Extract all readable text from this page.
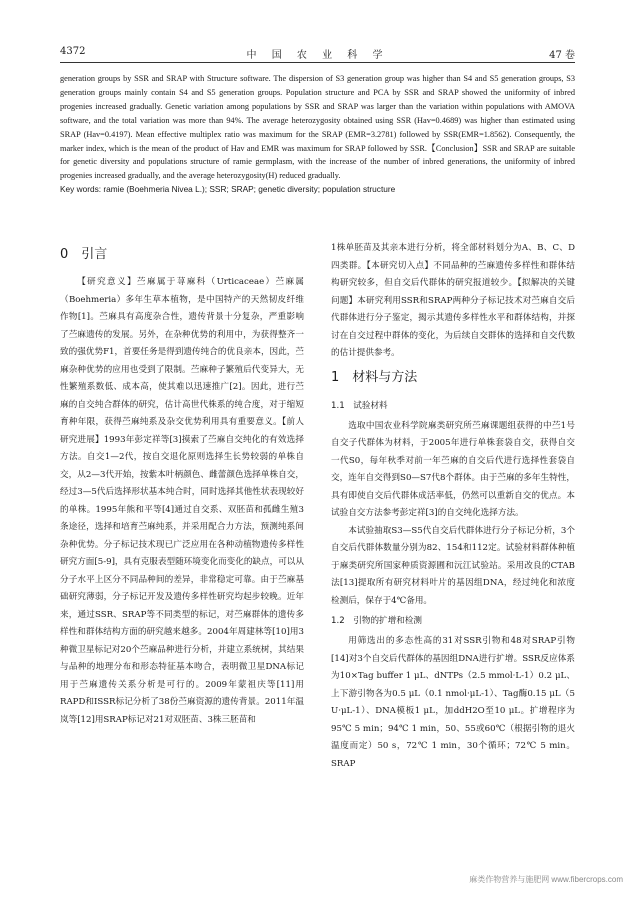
4372	中 国 农 业 科 学	47 卷

generation groups by SSR and SRAP with Structure software. The dispersion of S3 generation group was higher than S4 and S5 generation groups, S3 generation groups mainly contain S4 and S5 generation groups. Population structure and PCA by SSR and SRAP showed the uniformity of inbred progenies increased gradually. Genetic variation among populations by SSR and SRAP was larger than the variation within populations with AMOVA software, and the total variation was more than 94%. The average heterozygosity obtained using SSR (Hav=0.4689) was higher than estimated using SRAP (Hav=0.4197). Mean effective multiplex ratio was maximum for the SRAP (EMR=3.2781) followed by SSR(EMR=1.8562). Consequently, the marker index, which is the mean of the product of Hav and EMR was maximum for SRAP followed by SSR.【Conclusion】SSR and SRAP are suitable for genetic diversity and populations structure of ramie germplasm, with the increase of the number of inbred generations, the uniformity of inbred progenies increased gradually, and the average heterozygosity(H) reduced gradually.

Key words: ramie (Boehmeria Nivea L.); SSR; SRAP; genetic diversity; population structure

0　引言

【研究意义】苎麻属于荨麻科（Urticaceae）苎麻属（Boehmeria）多年生草本植物，是中国特产的天然韧皮纤维作物[1]。苎麻具有高度杂合性，遗传背景十分复杂，严重影响了苎麻遗传的发展。另外，在杂种优势的利用中，为获得整齐一致的强优势F1，首要任务是得到遗传纯合的优良亲本，因此，苎麻杂种优势的应用也受到了限制。苎麻种子繁殖后代变异大，无性繁殖系数低、成本高，使其难以迅速推广[2]。因此，进行苎麻的自交纯合群体的研究，估计高世代株系的纯合度，对于缩短育种年限，获得苎麻纯系及杂交优势利用具有重要意义。【前人研究进展】1993年彭定祥等[3]摸索了苎麻自交纯化的有效选择方法。自交1—2代，按自交退化原则选择生长势较弱的单株自交，从2—3代开始，按紫本叶柄颜色、雌蕾颜色选择单株自交，经过3—5代后选择形状基本纯合时，同时选择其他性状表现较好的单株。1995年熊和平等[4]通过自交系、双胚苗和孤雌生殖3条途径，选择和培育苎麻纯系，并采用配合力方法，预测纯系间杂种优势。分子标记技术现已广泛应用在各种动植物遗传多样性研究方面[5-9]，具有克服表型随环境变化而变化的缺点，可以从分子水平上区分不同品种间的差异，非常稳定可靠。由于苎麻基础研究薄弱，分子标记开发及遗传多样性研究均起步较晚。近年来，通过SSR、SRAP等不同类型的标记，对苎麻群体的遗传多样性和群体结构方面的研究越来越多。2004年周建林等[10]用3种微卫星标记对20个苎麻品种进行分析，并建立系统树，其结果与品种的地理分布和形态特征基本吻合，表明微卫星DNA标记用于苎麻遗传关系分析是可行的。2009年蒙祖庆等[11]用RAPD和ISSR标记分析了38份苎麻资源的遗传背景。2011年温岚等[12]用SRAP标记对21对双胚苗、3株三胚苗和

1株单胚苗及其亲本进行分析，将全部材料划分为A、B、C、D四类群。【本研究切入点】不同品种的苎麻遗传多样性和群体结构研究较多，但自交后代群体的研究报道较少。【拟解决的关键问题】本研究利用SSR和SRAP两种分子标记技术对苎麻自交后代群体进行分子鉴定，揭示其遗传多样性水平和群体结构，并探讨在自交过程中群体的变化，为后续自交群体的选择和自交代数的估计提供参考。

1　材料与方法
1.1　试验材料

选取中国农业科学院麻类研究所苎麻课题组获得的中苎1号自交子代群体为材料，于2005年进行单株套袋自交，获得自交一代S0，每年秋季对前一年苎麻的自交后代进行选择性套袋自交，连年自交得到S0—S7代8个群体。由于苎麻的多年生特性，具有即使自交后代群体成活率低，仍然可以重新自交的优点。本试验自交方法参考彭定祥[3]的自交纯化选择方法。

本试验抽取S3—S5代自交后代群体进行分子标记分析，3个自交后代群体数量分别为82、154和112定。试验材料群体种植于麻类研究所国家种质资源圃和沅江试验站。采用改良的CTAB法[13]提取所有研究材料叶片的基因组DNA，经过纯化和浓度检测后，保存于4℃备用。

1.2　引物的扩增和检测

用筛选出的多态性高的31对SSR引物和48对SRAP引物[14]对3个自交后代群体的基因组DNA进行扩增。SSR反应体系为10×Tag buffer 1 μL、dNTPs（2.5 mmol·L-1）0.2 μL、上下游引物各为0.5 μL（0.1 nmol·μL-1）、Tag酶0.15 μL（5 U·μL-1）、DNA模板1 μL，加ddH2O至10 μL。扩增程序为95℃ 5 min；94℃ 1 min，50、55或60℃（根据引物的退火温度而定）50 s，72℃ 1 min，30个循环；72℃ 5 min。SRAP

麻类作物营养与施肥网 www.fibercrops.com
